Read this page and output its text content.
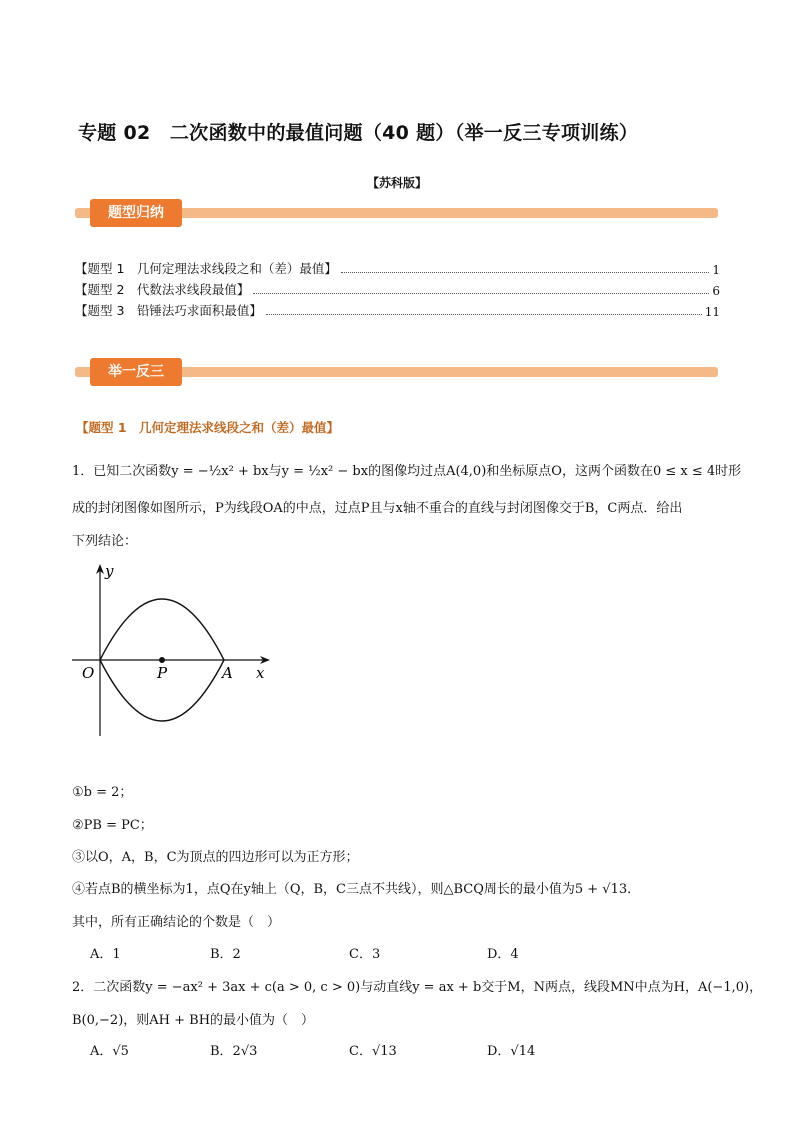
专题 02　二次函数中的最值问题（40 题）（举一反三专项训练）
【苏科版】
题型归纳
【题型 1　几何定理法求线段之和（差）最值】	1
【题型 2　代数法求线段最值】	6
【题型 3　铅锤法巧求面积最值】	11
举一反三
【题型 1　几何定理法求线段之和（差）最值】
1．已知二次函数y = −½x² + bx与y = ½x² − bx的图像均过点A(4,0)和坐标原点O，这两个函数在0 ≤ x ≤ 4时形
成的封闭图像如图所示，P为线段OA的中点，过点P且与x轴不重合的直线与封闭图像交于B，C两点．给出
下列结论：
y
x
O	P	A
①b = 2；
②PB = PC；
③以O，A，B，C为顶点的四边形可以为正方形；
④若点B的横坐标为1，点Q在y轴上（Q，B，C三点不共线），则△BCQ周长的最小值为5 + √13．
其中，所有正确结论的个数是（　）
A．1	B．2	C．3	D．4
2．二次函数y = −ax² + 3ax + c(a > 0, c > 0)与动直线y = ax + b交于M，N两点，线段MN中点为H，A(−1,0)，
B(0,−2)，则AH + BH的最小值为（　）
A．√5	B．2√3	C．√13	D．√14
